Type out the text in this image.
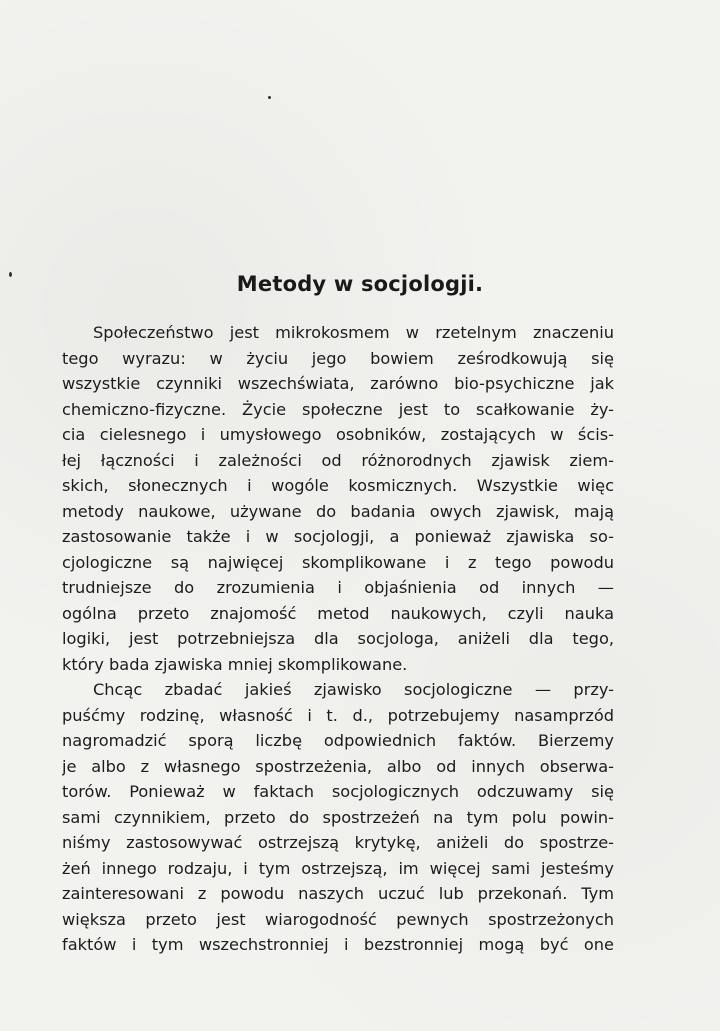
Metody w socjologji.
Społeczeństwo jest mikrokosmem w rzetelnym znaczeniu
tego wyrazu: w życiu jego bowiem ześrodkowują się
wszystkie czynniki wszechświata, zarówno bio-psychiczne jak
chemiczno-fizyczne. Życie społeczne jest to scałkowanie ży-
cia cielesnego i umysłowego osobników, zostających w ścis-
łej łączności i zależności od różnorodnych zjawisk ziem-
skich, słonecznych i wogóle kosmicznych. Wszystkie więc
metody naukowe, używane do badania owych zjawisk, mają
zastosowanie także i w socjologji, a ponieważ zjawiska so-
cjologiczne są najwięcej skomplikowane i z tego powodu
trudniejsze do zrozumienia i objaśnienia od innych —
ogólna przeto znajomość metod naukowych, czyli nauka
logiki, jest potrzebniejsza dla socjologa, aniżeli dla tego,
który bada zjawiska mniej skomplikowane.
Chcąc zbadać jakieś zjawisko socjologiczne — przy-
puśćmy rodzinę, własność i t. d., potrzebujemy nasamprzód
nagromadzić sporą liczbę odpowiednich faktów. Bierzemy
je albo z własnego spostrzeżenia, albo od innych obserwa-
torów. Ponieważ w faktach socjologicznych odczuwamy się
sami czynnikiem, przeto do spostrzeżeń na tym polu powin-
niśmy zastosowywać ostrzejszą krytykę, aniżeli do spostrze-
żeń innego rodzaju, i tym ostrzejszą, im więcej sami jesteśmy
zainteresowani z powodu naszych uczuć lub przekonań. Tym
większa przeto jest wiarogodność pewnych spostrzeżonych
faktów i tym wszechstronniej i bezstronniej mogą być one
